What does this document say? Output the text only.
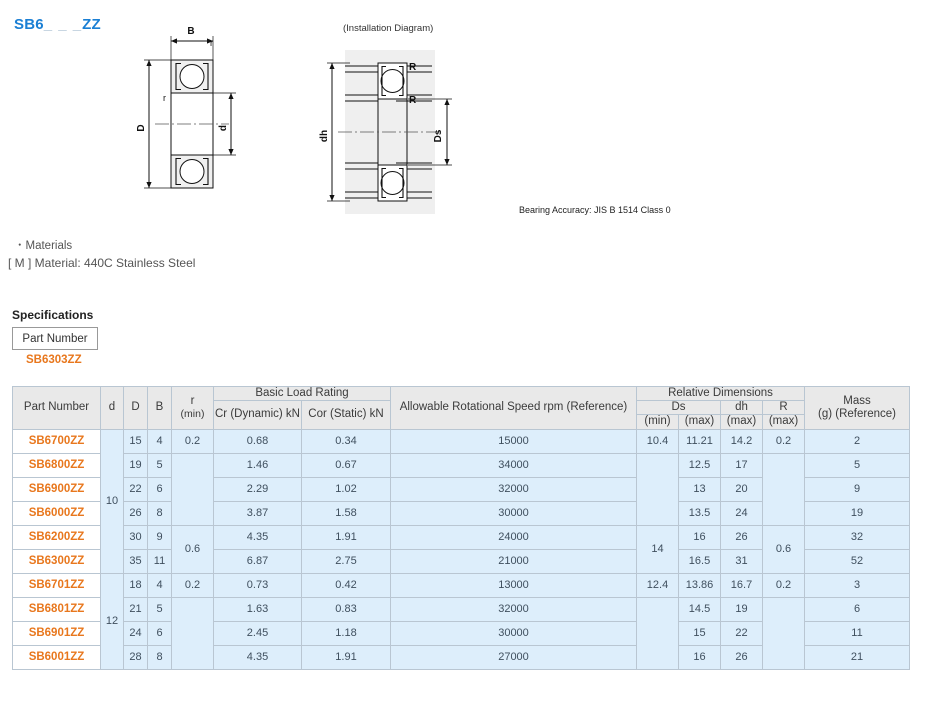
SB6_ _ _ZZ	(Installation Diagram)
Bearing Accuracy: JIS B 1514 Class 0
B
D	d
r
r
dh	Ds
R
R
・Materials
[ M ] Material: 440C Stainless Steel
Specifications
Part Number
SB6303ZZ
Part Number	d	D	B	
r
(min)
	Basic Load Rating	Allowable Rotational Speed rpm (Reference)	Relative Dimensions	
Mass
(g) (Reference)

					Cr (Dynamic) kN	Cor (Static) kN		Ds		dh	R	
								(min)	(max)	(max)	(max)	
SB6700ZZ	10	15	4	0.2	0.68	0.34	15000	10.4	11.21	14.2	0.2	2
SB6800ZZ		19	5		1.46	0.67	34000		12.5	17		5
SB6900ZZ		22	6		2.29	1.02	32000		13	20		9
SB6000ZZ		26	8		3.87	1.58	30000		13.5	24		19
SB6200ZZ		30	9	0.6	4.35	1.91	24000	14	16	26	0.6	32
SB6300ZZ		35	11		6.87	2.75	21000		16.5	31		52
SB6701ZZ	12	18	4	0.2	0.73	0.42	13000	12.4	13.86	16.7	0.2	3
SB6801ZZ		21	5		1.63	0.83	32000		14.5	19		6
SB6901ZZ		24	6		2.45	1.18	30000		15	22		11
SB6001ZZ		28	8		4.35	1.91	27000		16	26		21
